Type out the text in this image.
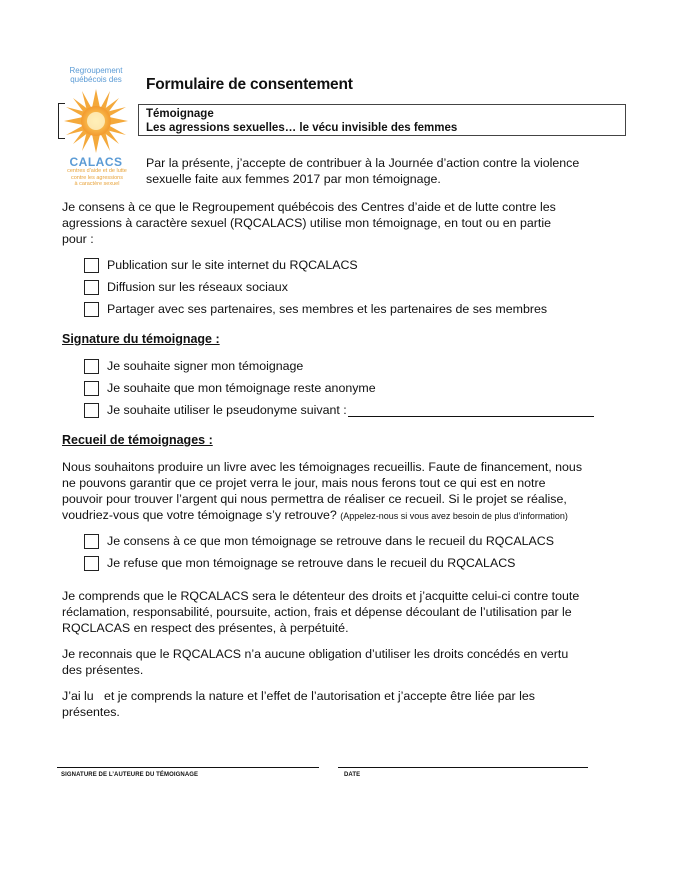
Regroupement
québécois des
CALACS
centres d'aide et de lutte
contre les agressions
à caractère sexuel
Formulaire de consentement
Témoignage
Les agressions sexuelles… le vécu invisible des femmes
Par la présente, j’accepte de contribuer à la Journée d’action contre la violence
sexuelle faite aux femmes 2017 par mon témoignage.
Je consens à ce que le Regroupement québécois des Centres d’aide et de lutte contre les
agressions à caractère sexuel (RQCALACS) utilise mon témoignage, en tout ou en partie
pour :
Publication sur le site internet du RQCALACS
Diffusion sur les réseaux sociaux
Partager avec ses partenaires, ses membres et les partenaires de ses membres
Signature du témoignage :
Je souhaite signer mon témoignage
Je souhaite que mon témoignage reste anonyme
Je souhaite utiliser le pseudonyme suivant :
Recueil de témoignages :
Nous souhaitons produire un livre avec les témoignages recueillis. Faute de financement, nous
ne pouvons garantir que ce projet verra le jour, mais nous ferons tout ce qui est en notre
pouvoir pour trouver l’argent qui nous permettra de réaliser ce recueil. Si le projet se réalise,
voudriez-vous que votre témoignage s’y retrouve? (Appelez-nous si vous avez besoin de plus d’information)
Je consens à ce que mon témoignage se retrouve dans le recueil du RQCALACS
Je refuse que mon témoignage se retrouve dans le recueil du RQCALACS
Je comprends que le RQCALACS sera le détenteur des droits et j’acquitte celui-ci contre toute
réclamation, responsabilité, poursuite, action, frais et dépense découlant de l’utilisation par le
RQCLACAS en respect des présentes, à perpétuité.
Je reconnais que le RQCALACS n’a aucune obligation d’utiliser les droits concédés en vertu
des présentes.
J’ai lu   et je comprends la nature et l’effet de l’autorisation et j’accepte être liée par les
présentes.
SIGNATURE DE L’AUTEURE DU TÉMOIGNAGE	DATE
